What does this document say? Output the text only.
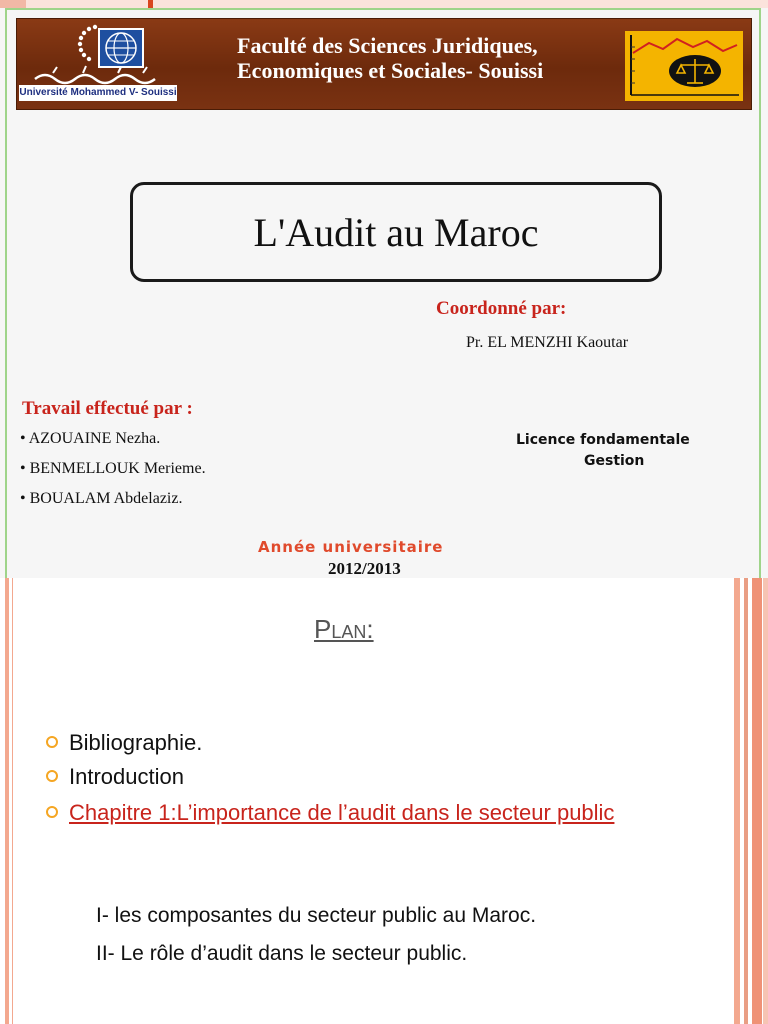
Université Mohammed V- Souissi
Faculté des Sciences Juridiques,
Economiques et Sociales- Souissi
L'Audit au Maroc
Coordonné par:
Pr. EL MENZHI Kaoutar
Travail effectué par :
• AZOUAINE Nezha.
• BENMELLOUK Merieme.
• BOUALAM Abdelaziz.
Licence fondamentale
Gestion
Année universitaire
2012/2013
Plan:
Bibliographie.
Introduction
Chapitre 1:L’importance de l’audit dans le secteur public
I- les composantes du secteur public au Maroc.
II- Le rôle d’audit dans le secteur public.
